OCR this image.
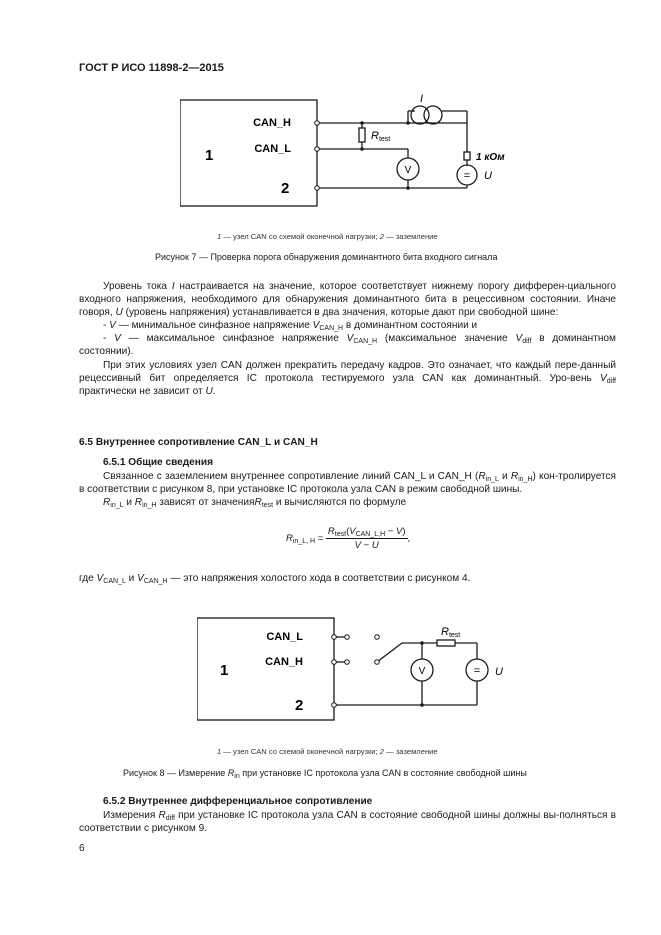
ГОСТ Р ИСО 11898-2—2015
CAN_H
CAN_L
1
2
I
Rtest
V	=
1 кОм
U
1 — узел CAN со схемой оконечной нагрузки; 2 — заземление
Рисунок 7 — Проверка порога обнаружения доминантного бита входного сигнала

Уровень тока I настраивается на значение, которое соответствует нижнему порогу дифферен-циального входного напряжения, необходимого для обнаружения доминантного бита в рецессивном состоянии. Иначе говоря, U (уровень напряжения) устанавливается в два значения, которые дают при свободной шине:

- V — минимальное синфазное напряжение $V_{CAN\_H}$ в доминантном состоянии и

- V — максимальное синфазное напряжение $V_{CAN\_H}$ (максимальное значение $V_{diff}$ в доминантном состоянии).

При этих условиях узел CAN должен прекратить передачу кадров. Это означает, что каждый пере-данный рецессивный бит определяется IC протокола тестируемого узла CAN как доминантный. Уро-вень $V_{diff}$ практически не зависит от U.

6.5 Внутреннее сопротивление CAN_L и CAN_H
6.5.1 Общие сведения

Связанное с заземлением внутреннее сопротивление линий CAN_L и CAN_H ($R_{in\_L}$ и $R_{in\_H}$) кон-тролируется в соответствии с рисунком 8, при установке IC протокола узла CAN в режим свободной шины.

$R_{in\_L}$ и $R_{in\_H}$ зависят от значенияR$_{test}$ и вычисляются по формуле

$R_{in\_L, H} = \frac{R_{test}(V_{CAN\_L,H} - V)}{V - U}$ ,

где $V_{CAN\_L}$ и $V_{CAN\_H}$ — это напряжения холостого хода в соответствии с рисунком 4.

CAN_L
CAN_H
1
2
Rtest
V	= U
1 — узел CAN со схемой оконечной нагрузки; 2 — заземление
Рисунок 8 — Измерение $R_{in}$ при установке IC протокола узла CAN в состояние свободной шины
6.5.2 Внутреннее дифференциальное сопротивление

Измерения $R_{diff}$ при установке IC протокола узла CAN в состояние свободной шины должны вы-полняться в соответствии с рисунком 9.

6
